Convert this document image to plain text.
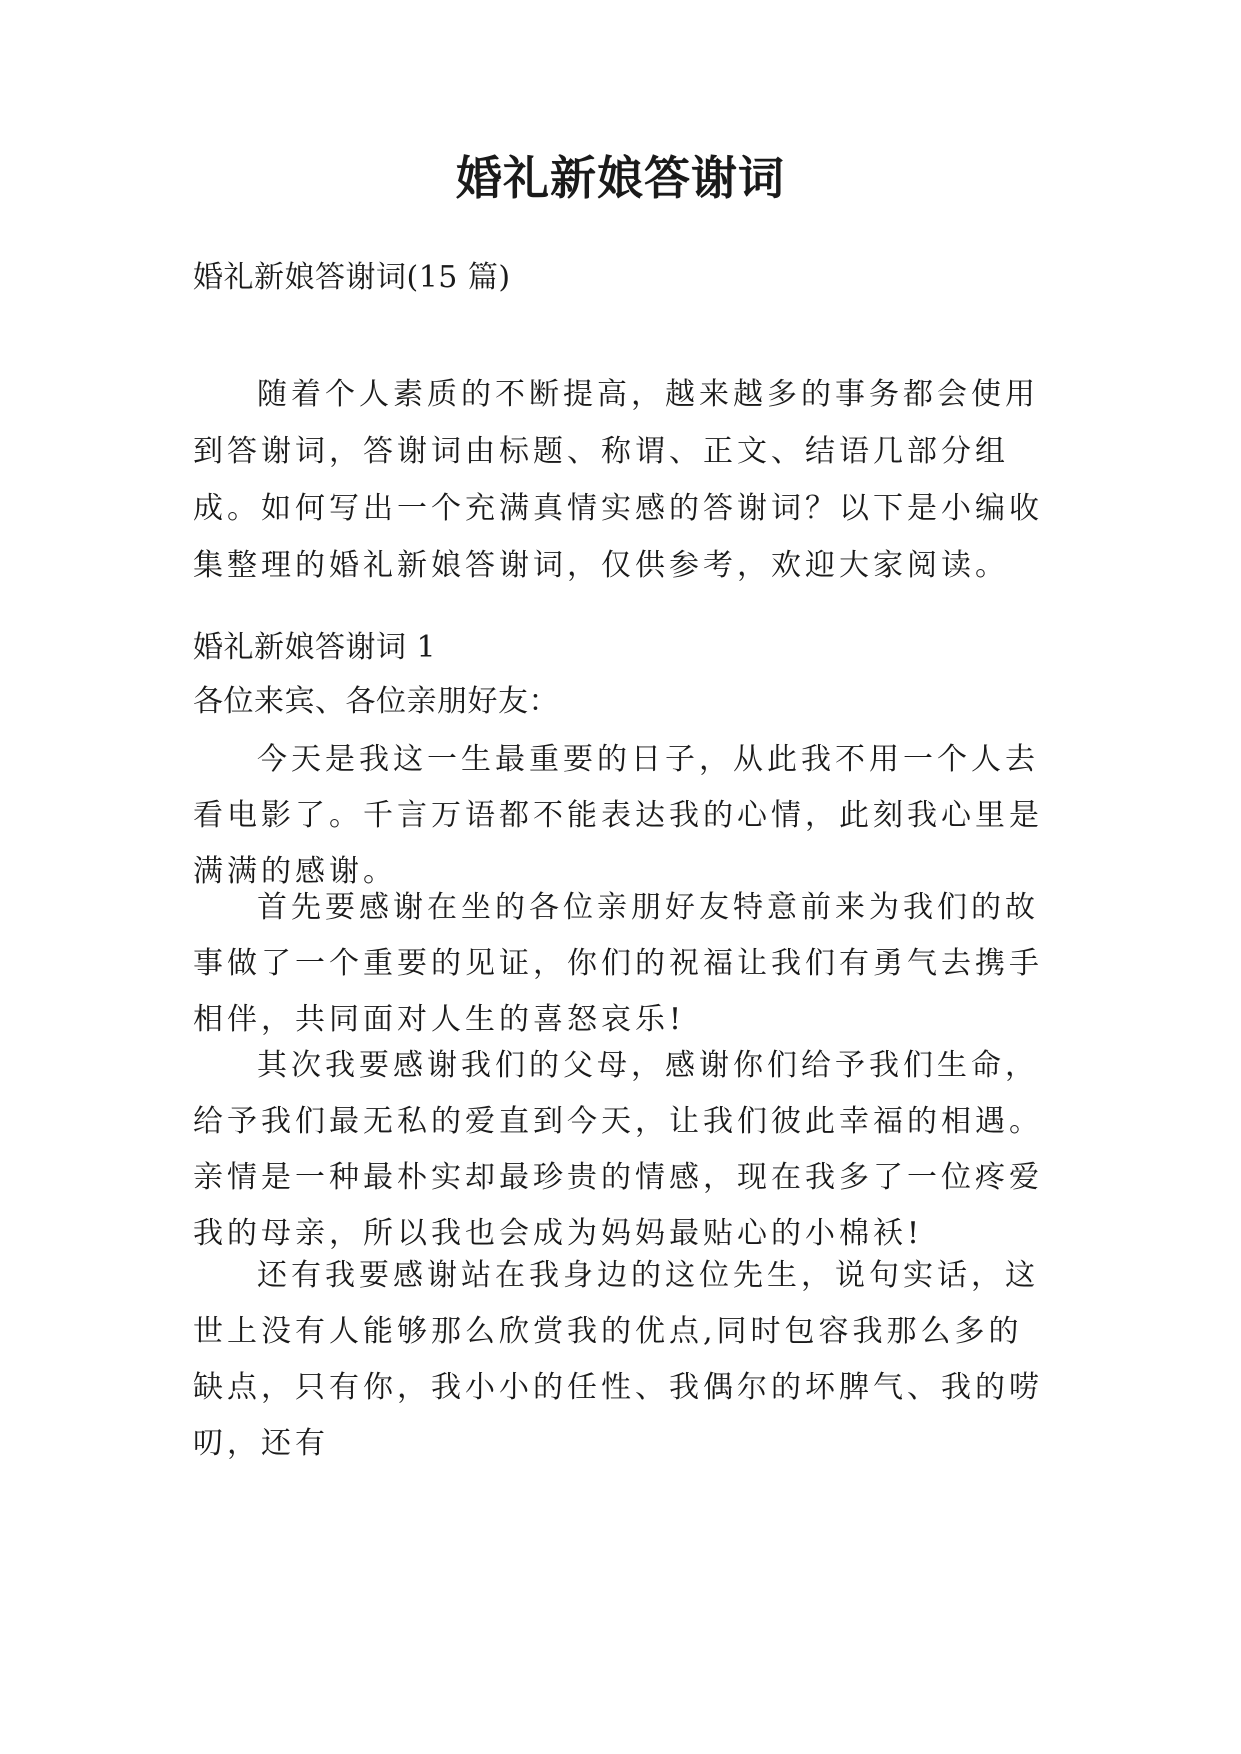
婚礼新娘答谢词

婚礼新娘答谢词(15 篇)

随着个人素质的不断提高，越来越多的事务都会使用到答谢词，答谢词由标题、称谓、正文、结语几部分组成。如何写出一个充满真情实感的答谢词？以下是小编收集整理的婚礼新娘答谢词，仅供参考，欢迎大家阅读。

婚礼新娘答谢词 1

各位来宾、各位亲朋好友：

今天是我这一生最重要的日子，从此我不用一个人去看电影了。千言万语都不能表达我的心情，此刻我心里是满满的感谢。

首先要感谢在坐的各位亲朋好友特意前来为我们的故事做了一个重要的见证，你们的祝福让我们有勇气去携手相伴，共同面对人生的喜怒哀乐!

其次我要感谢我们的父母，感谢你们给予我们生命，给予我们最无私的爱直到今天，让我们彼此幸福的相遇。亲情是一种最朴实却最珍贵的情感，现在我多了一位疼爱我的母亲，所以我也会成为妈妈最贴心的小棉袄!

还有我要感谢站在我身边的这位先生，说句实话，这世上没有人能够那么欣赏我的优点,同时包容我那么多的缺点，只有你，我小小的任性、我偶尔的坏脾气、我的唠叨，还有
